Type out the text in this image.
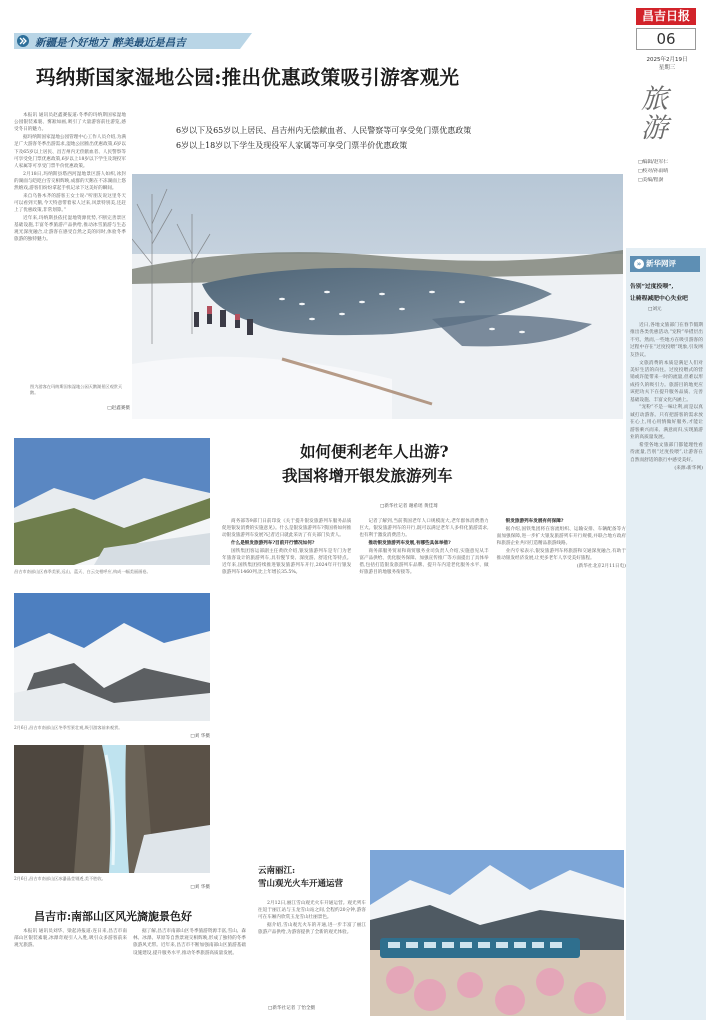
新疆是个好地方 醉美最近是昌吉
昌吉日报
06
2025年2月19日
星期三
旅游
□编辑/赵军仁
□校对/孙雨晴
□美编/程澍
玛纳斯国家湿地公园:推出优惠政策吸引游客观光
6岁以下及65岁以上居民、昌吉州内无偿献血者、人民警察等可享受免门票优惠政策
6岁以上18岁以下学生及现役军人家属等可享受门票半价优惠政策

本报讯 通讯员赵鑫赛报道:冬季的玛纳斯国家湿地公园银装素裹、雾凇如画,吸引了大量游客前往游览,感受冬日的魅力。

据玛纳斯国家湿地公园管理中心工作人员介绍,为满足广大游客冬季出游需求,湿地公园推出优惠政策,6岁以下及65岁以上居民、昌吉州内无偿献血者、人民警察等可享受免门票优惠政策,6岁以上18岁以下学生及现役军人家属等可享受门票半价优惠政策。

2月18日,玛纳斯县塔西河湿地景区游人如织,冰封的湖面与皑皑白雪交相辉映,成群的天鹅在不冻湖面上悠然嬉戏,游客们纷纷拿起手机记录下这美好的瞬间。

来自乌鲁木齐的游客王女士说:“听朋友说这里冬天可以看到天鹅,今天特意带着家人过来,风景特别美,还赶上了优惠政策,非常划算。”

近年来,玛纳斯县依托湿地资源优势,不断完善景区基础设施,丰富冬季旅游产品供给,推动冰雪旅游与生态观光深度融合,让游客在感受自然之美的同时,体验冬季旅游的独特魅力。

图为游客在玛纳斯国家湿地公园天鹅湖景区观赏天鹅。
□赵鑫赛摄
昌吉市南部山区春季美景,远山、蓝天、白云交相呼应,构成一幅美丽画卷。
2月6日,昌吉市南部山区冬季雪景壮观,吸引游客前来观赏。
□刘 华摄
2月6日,昌吉市南部山区冰瀑晶莹剔透,美不胜收。
□刘 华摄
昌吉市:南部山区风光旖旎景色好

本报讯 通讯员刘华、梁起涛报道:连日来,昌吉市南部山区银装素裹,冰瀑奇观引人入胜,吸引众多游客前来观光旅游。

据了解,昌吉市南部山区冬季旅游资源丰富,雪山、森林、冰瀑、草原等自然景观交相辉映,形成了独特的冬季旅游风光带。近年来,昌吉市不断加强南部山区旅游基础设施建设,提升服务水平,推动冬季旅游高质量发展。

如何便利老年人出游?
我国将增开银发旅游列车
□新华社记者 谢希瑶 黄佳琦

商务部等9部门日前印发《关于提升银发旅游列车服务品质 促进银发消费的实施意见》。什么是银发旅游列车?我国将如何推动银发旅游列车发展?记者近日就此采访了有关部门负责人。

什么是银发旅游列车?目前开行情况如何?

国铁集团客运部副主任黄欣介绍,银发旅游列车是专门为老年旅客设计的旅游列车,具有慢节奏、深度游、舒适化等特点。近年来,国铁集团持续推进银发旅游列车开行,2024年开行银发旅游列车1460列,比上年增长35.5%。

记者了解到,当前我国老年人口规模庞大,老年群体消费潜力巨大。银发旅游列车的开行,既可以满足老年人多样化旅游需求,也有利于激发消费活力。

推动银发旅游列车发展,有哪些具体举措?

商务部服务贸易和商贸服务业司负责人介绍,实施意见从丰富产品供给、优化服务保障、加强宣传推广等方面提出了具体举措,包括打造银发旅游列车品牌、提升车内适老化服务水平、做好旅游目的地服务衔接等。

银发旅游列车发展有何保障?

据介绍,国铁集团将在客流组织、运输安排、车辆配备等方面加强保障,进一步扩大银发旅游列车开行规模,并联合地方政府和旅游企业共同打造精品旅游线路。

业内专家表示,银发旅游列车将旅游和交通深度融合,有助于推动银发经济发展,让更多老年人享受美好旅程。

(新华社北京2月11日电)

云南丽江:
雪山观光火车开通运营

2月12日,丽江雪山观光火车开通运营。观光列车往返于丽江站与玉龙雪山站之间,全程约20分钟,游客可在车厢内欣赏玉龙雪山壮丽景色。

据介绍,雪山观光火车的开通,进一步丰富了丽江旅游产品供给,为游客提供了全新的观光体验。

□新华社记者 丁怡全摄
» 新华网评
告别“过度投喂”,
让骑程减肥中心失业吧
□刘元

近日,各地文旅部门在春节假期推出各类优惠活动,“宠粉”举措层出不穷。然而,一些地方在吸引游客的过程中存在“过度投喂”现象,引发网友热议。

文旅消费的本质是满足人们对美好生活的向往。过度投喂式的营销或许能带来一时的流量,但难以形成持久的吸引力。旅游目的地更应该把功夫下在提升服务品质、完善基础设施、丰富文化内涵上。

“宠粉”不是一味让利,而是以真诚打动游客。只有把游客的需求放在心上,用心用情做好服务,才能让游客乘兴而来、满意而归,实现旅游业的高质量发展。

希望各地文旅部门都能理性看待流量,告别“过度投喂”,让游客在自然而舒适的旅行中感受美好。

(来源:新华网)
